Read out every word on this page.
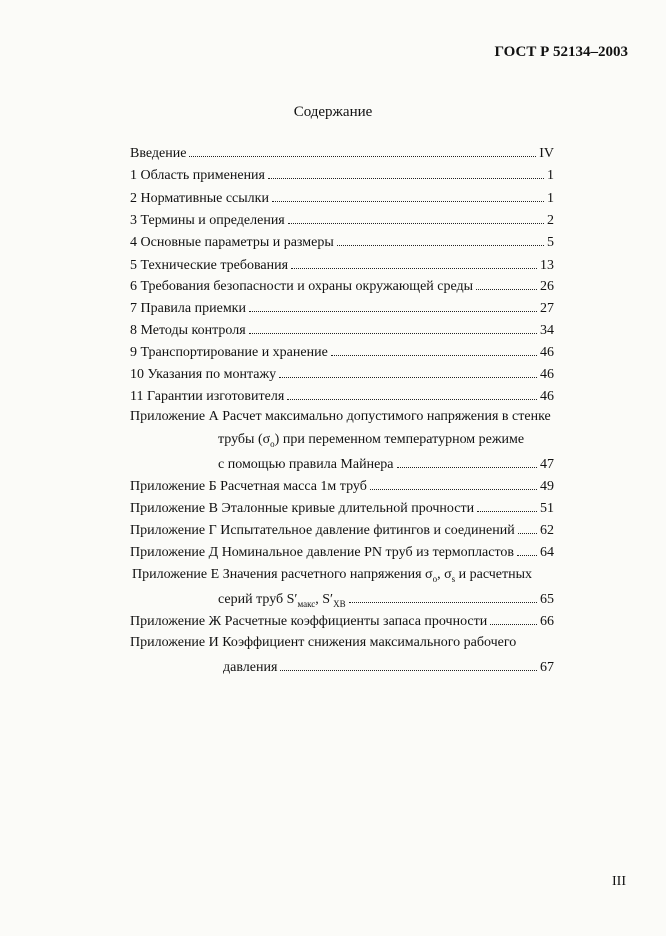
ГОСТ Р 52134–2003
Содержание
Введение	IV
1 Область применения	1
2 Нормативные ссылки	1
3 Термины и определения	2
4 Основные параметры и размеры	5
5 Технические требования	13
6 Требования безопасности и охраны окружающей среды	26
7 Правила приемки	27
8 Методы контроля	34
9 Транспортирование и хранение	46
10 Указания по монтажу	46
11 Гарантии изготовителя	46
Приложение А Расчет максимально допустимого напряжения в стенке
трубы $(\sigma_o)$ при переменном температурном режиме
с помощью правила Майнера	47
Приложение Б Расчетная масса 1м труб	49
Приложение В Эталонные кривые длительной прочности	51
Приложение Г Испытательное давление фитингов и соединений 62
Приложение Д Номинальное давление PN труб из термопластов 64
Приложение Е Значения расчетного напряжения $\sigma_o$, $\sigma_s$ и расчетных
серий труб $S'_{макс}$, $S'_{ХВ}$	65
Приложение Ж Расчетные коэффициенты запаса прочности	66
Приложение И Коэффициент снижения максимального рабочего
давления	67
III
